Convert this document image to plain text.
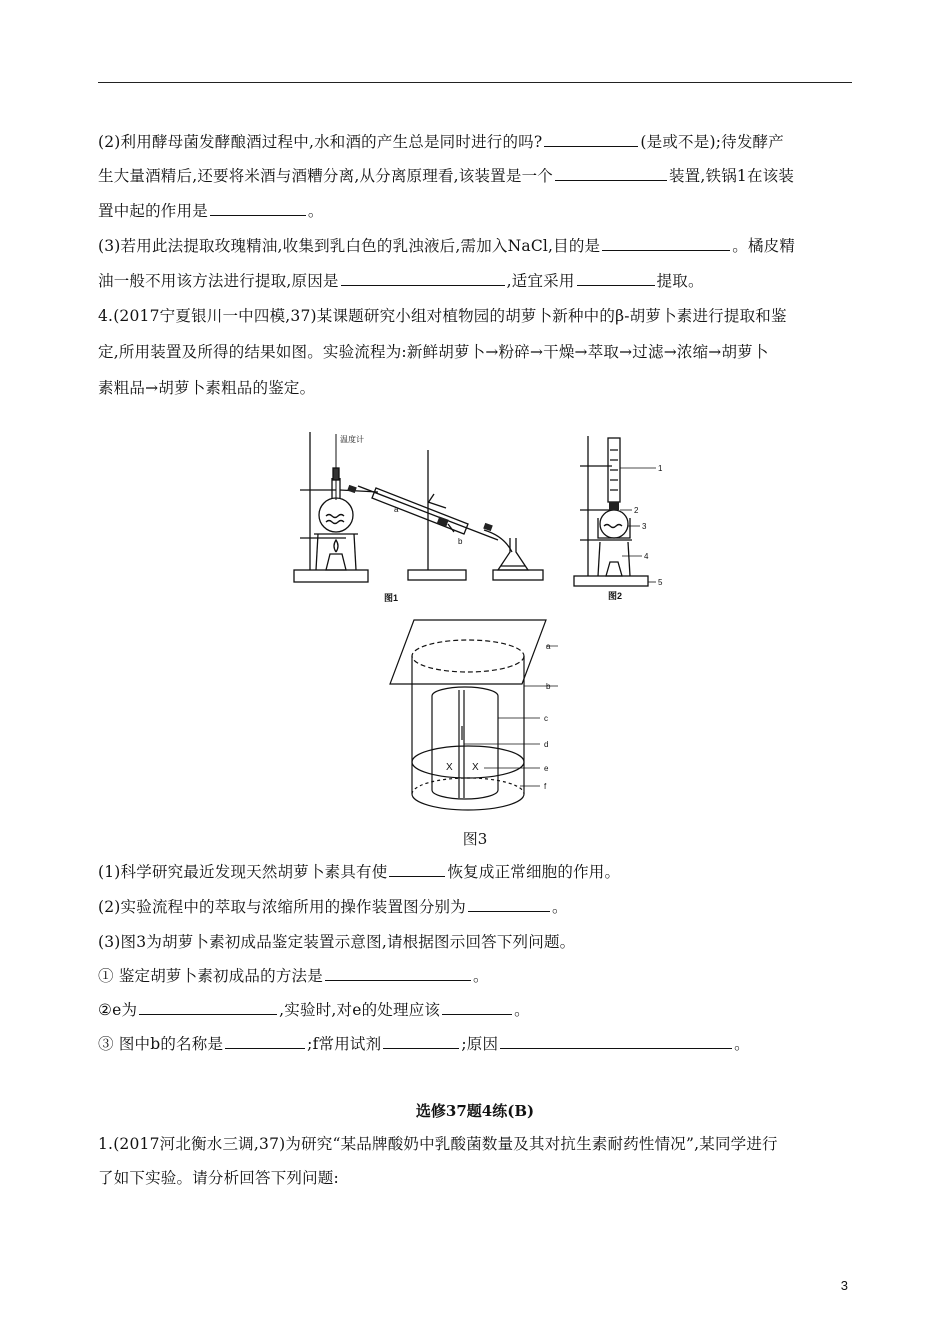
(2)利用酵母菌发酵酿酒过程中,水和酒的产生总是同时进行的吗?	(是或不是);待发酵产
生大量酒精后,还要将米酒与酒糟分离,从分离原理看,该装置是一个	装置,铁锅1在该装
置中起的作用是	。
(3)若用此法提取玫瑰精油,收集到乳白色的乳浊液后,需加入NaCl,目的是	。橘皮精
油一般不用该方法进行提取,原因是	,适宜采用	提取。
4.(2017宁夏银川一中四模,37)某课题研究小组对植物园的胡萝卜新种中的β-胡萝卜素进行提取和鉴
定,所用装置及所得的结果如图。实验流程为:新鲜胡萝卜→粉碎→干燥→萃取→过滤→浓缩→胡萝卜
素粗品→胡萝卜素粗品的鉴定。
温度计
a
b
图1
1
2
3
4
5
图2
X X
a
b
c
d
e
f
图3
(1)科学研究最近发现天然胡萝卜素具有使	恢复成正常细胞的作用。
(2)实验流程中的萃取与浓缩所用的操作装置图分别为	。
(3)图3为胡萝卜素初成品鉴定装置示意图,请根据图示回答下列问题。
① 鉴定胡萝卜素初成品的方法是	。
②e为	,实验时,对e的处理应该	。
③ 图中b的名称是	;f常用试剂	;原因	。
选修37题4练(B)
1.(2017河北衡水三调,37)为研究“某品牌酸奶中乳酸菌数量及其对抗生素耐药性情况”,某同学进行
了如下实验。请分析回答下列问题:
3
